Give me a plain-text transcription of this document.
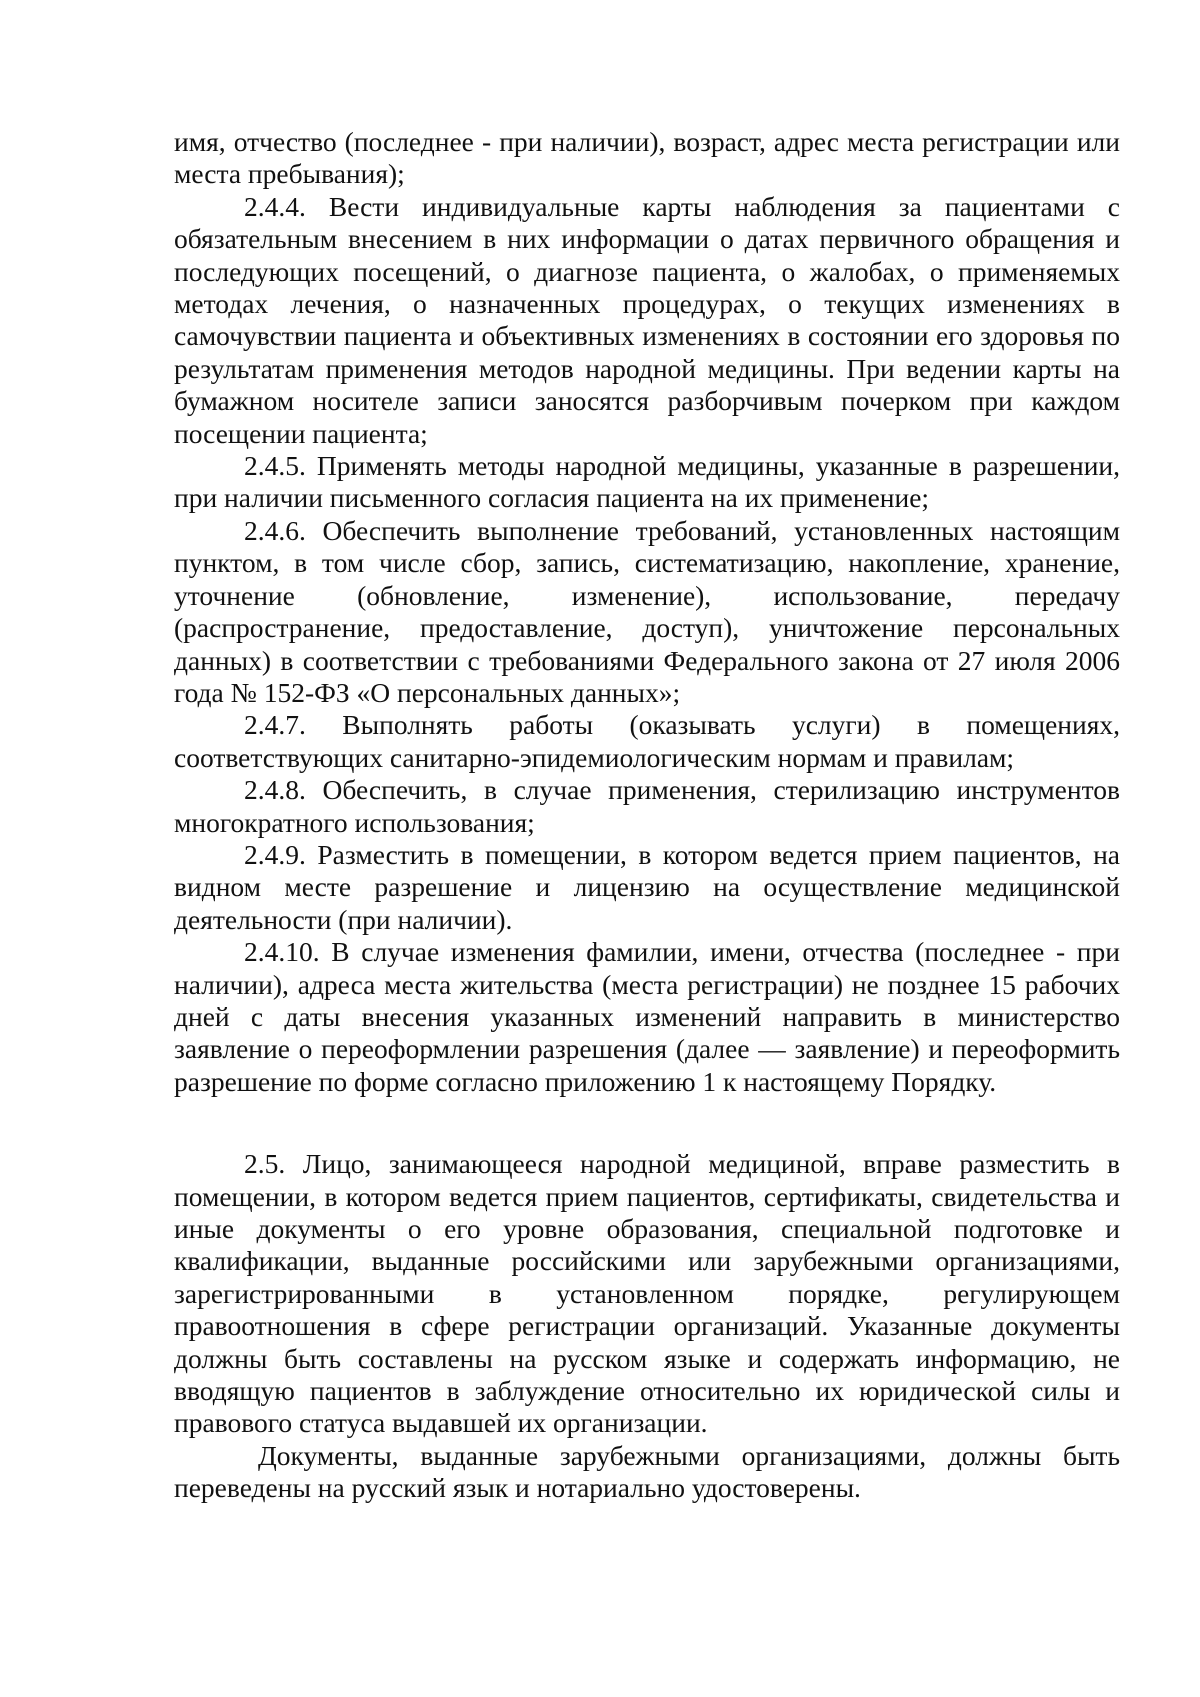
имя, отчество (последнее - при наличии), возраст, адрес места регистрации или места пребывания);

2.4.4. Вести индивидуальные карты наблюдения за пациентами с обязательным внесением в них информации о датах первичного обращения и последующих посещений, о диагнозе пациента, о жалобах, о применяемых методах лечения, о назначенных процедурах, о текущих изменениях в самочувствии пациента и объективных изменениях в состоянии его здоровья по результатам применения методов народной медицины. При ведении карты на бумажном носителе записи заносятся разборчивым почерком при каждом посещении пациента;

2.4.5. Применять методы народной медицины, указанные в разрешении, при наличии письменного согласия пациента на их применение;

2.4.6. Обеспечить выполнение требований, установленных настоящим пунктом, в том числе сбор, запись, систематизацию, накопление, хранение, уточнение (обновление, изменение), использование, передачу (распространение, предоставление, доступ), уничтожение персональных данных) в соответствии с требованиями Федерального закона от 27 июля 2006 года № 152-ФЗ «О персональных данных»;

2.4.7. Выполнять работы (оказывать услуги) в помещениях, соответствующих санитарно-эпидемиологическим нормам и правилам;

2.4.8. Обеспечить, в случае применения, стерилизацию инструментов многократного использования;

2.4.9. Разместить в помещении, в котором ведется прием пациентов, на видном месте разрешение и лицензию на осуществление медицинской деятельности (при наличии).

2.4.10. В случае изменения фамилии, имени, отчества (последнее - при наличии), адреса места жительства (места регистрации) не позднее 15 рабочих дней с даты внесения указанных изменений направить в министерство заявление о переоформлении разрешения (далее — заявление) и переоформить разрешение по форме согласно приложению 1 к настоящему Порядку.

2.5. Лицо, занимающееся народной медициной, вправе разместить в помещении, в котором ведется прием пациентов, сертификаты, свидетельства и иные документы о его уровне образования, специальной подготовке и квалификации, выданные российскими или зарубежными организациями, зарегистрированными в установленном порядке, регулирующем правоотношения в сфере регистрации организаций. Указанные документы должны быть составлены на русском языке и содержать информацию, не вводящую пациентов в заблуждение относительно их юридической силы и правового статуса выдавшей их организации.

Документы, выданные зарубежными организациями, должны быть переведены на русский язык и нотариально удостоверены.
